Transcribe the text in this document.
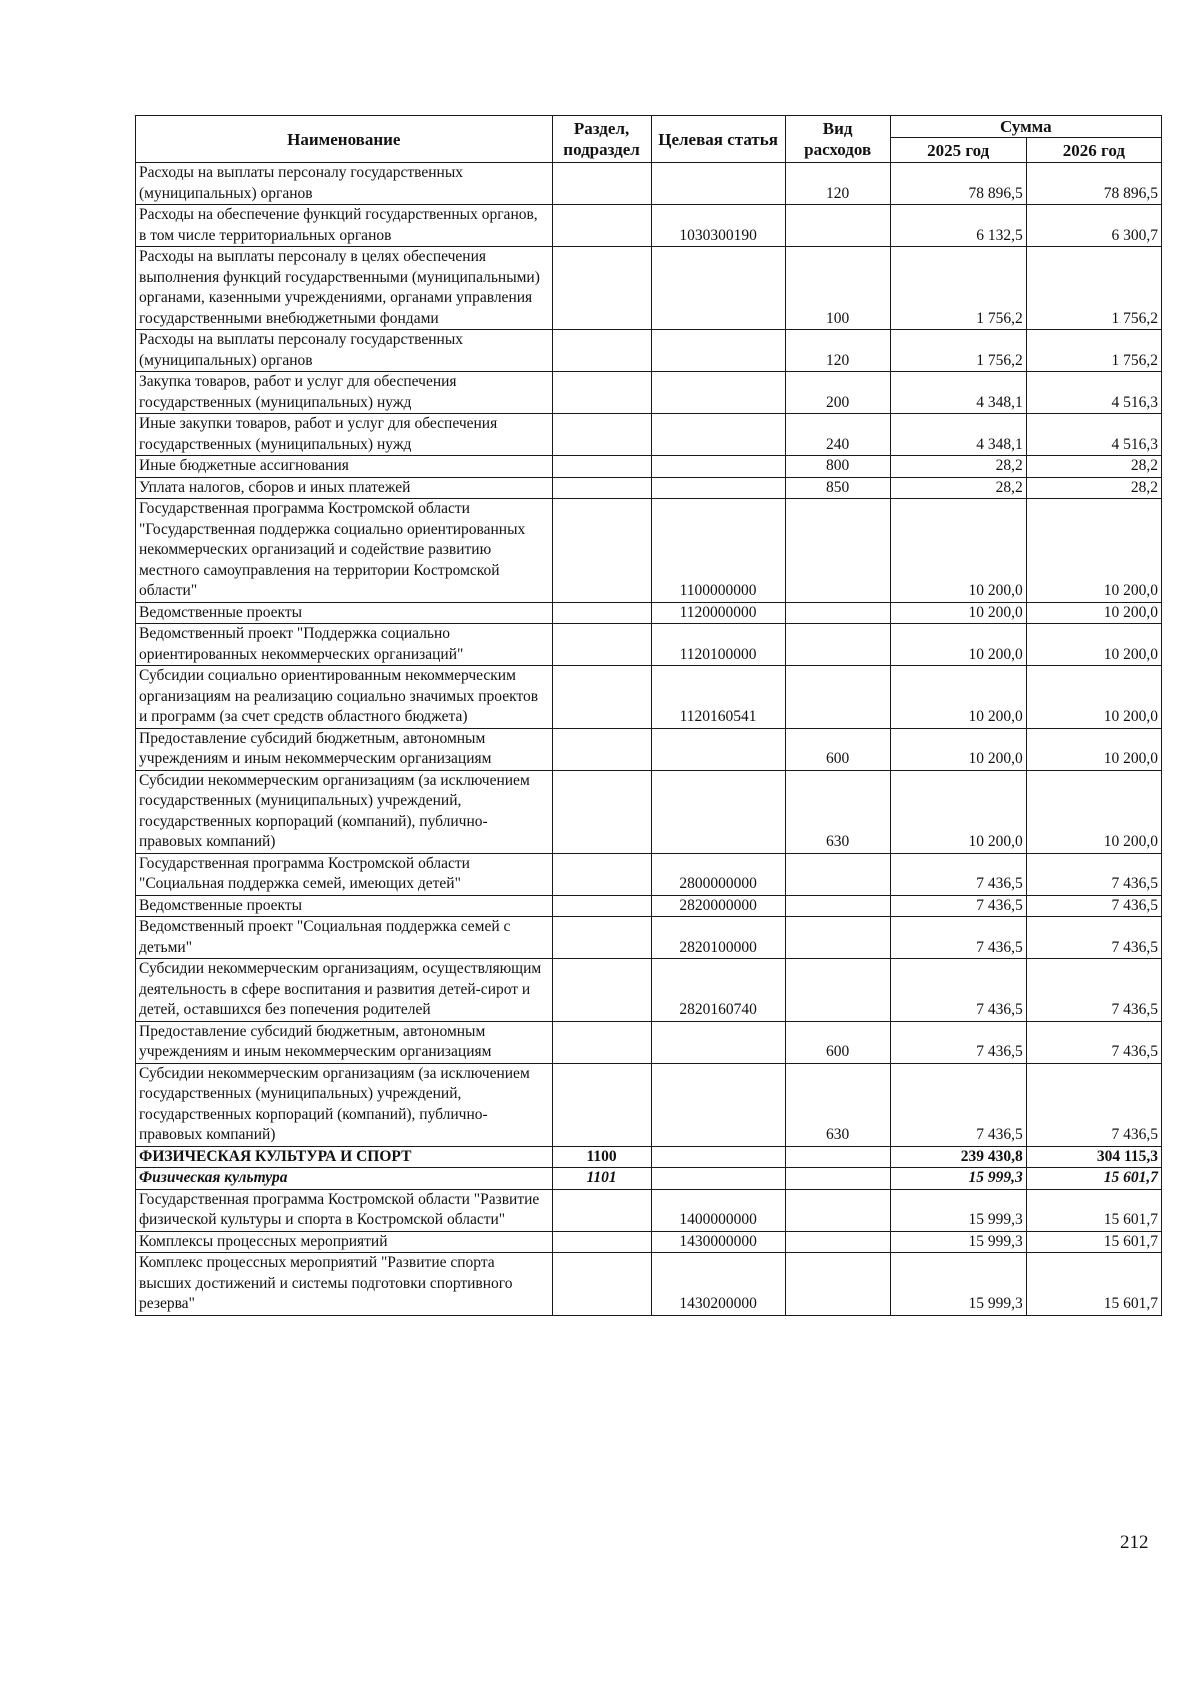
Наименование	Раздел, подраздел	Целевая статья	Вид расходов	Сумма	
				2025 год	2026 год
Расходы на выплаты персоналу государственных (муниципальных) органов			120	78 896,5	78 896,5
Расходы на обеспечение функций государственных органов, в том числе территориальных органов		1030300190		6 132,5	6 300,7
Расходы на выплаты персоналу в целях обеспечения выполнения функций государственными (муниципальными) органами, казенными учреждениями, органами управления государственными внебюджетными фондами			100	1 756,2	1 756,2
Расходы на выплаты персоналу государственных (муниципальных) органов			120	1 756,2	1 756,2
Закупка товаров, работ и услуг для обеспечения государственных (муниципальных) нужд			200	4 348,1	4 516,3
Иные закупки товаров, работ и услуг для обеспечения государственных (муниципальных) нужд			240	4 348,1	4 516,3
Иные бюджетные ассигнования			800	28,2	28,2
Уплата налогов, сборов и иных платежей			850	28,2	28,2
Государственная программа Костромской области "Государственная поддержка социально ориентированных некоммерческих организаций и содействие развитию местного самоуправления на территории Костромской области"		1100000000		10 200,0	10 200,0
Ведомственные проекты		1120000000		10 200,0	10 200,0
Ведомственный проект "Поддержка социально ориентированных некоммерческих организаций"		1120100000		10 200,0	10 200,0
Субсидии социально ориентированным некоммерческим организациям на реализацию социально значимых проектов и программ (за счет средств областного бюджета)		1120160541		10 200,0	10 200,0
Предоставление субсидий бюджетным, автономным учреждениям и иным некоммерческим организациям			600	10 200,0	10 200,0
Субсидии некоммерческим организациям (за исключением государственных (муниципальных) учреждений, государственных корпораций (компаний), публично-правовых компаний)			630	10 200,0	10 200,0
Государственная программа Костромской области "Социальная поддержка семей, имеющих детей"		2800000000		7 436,5	7 436,5
Ведомственные проекты		2820000000		7 436,5	7 436,5
Ведомственный проект "Социальная поддержка семей с детьми"		2820100000		7 436,5	7 436,5
Субсидии некоммерческим организациям, осуществляющим деятельность в сфере воспитания и развития детей-сирот и детей, оставшихся без попечения родителей		2820160740		7 436,5	7 436,5
Предоставление субсидий бюджетным, автономным учреждениям и иным некоммерческим организациям			600	7 436,5	7 436,5
Субсидии некоммерческим организациям (за исключением государственных (муниципальных) учреждений, государственных корпораций (компаний), публично-правовых компаний)			630	7 436,5	7 436,5
ФИЗИЧЕСКАЯ КУЛЬТУРА И СПОРТ	1100			239 430,8	304 115,3
Физическая культура	1101			15 999,3	15 601,7
Государственная программа Костромской области "Развитие физической культуры и спорта в Костромской области"		1400000000		15 999,3	15 601,7
Комплексы процессных мероприятий		1430000000		15 999,3	15 601,7
Комплекс процессных мероприятий "Развитие спорта высших достижений и системы подготовки спортивного резерва"		1430200000		15 999,3	15 601,7
212
